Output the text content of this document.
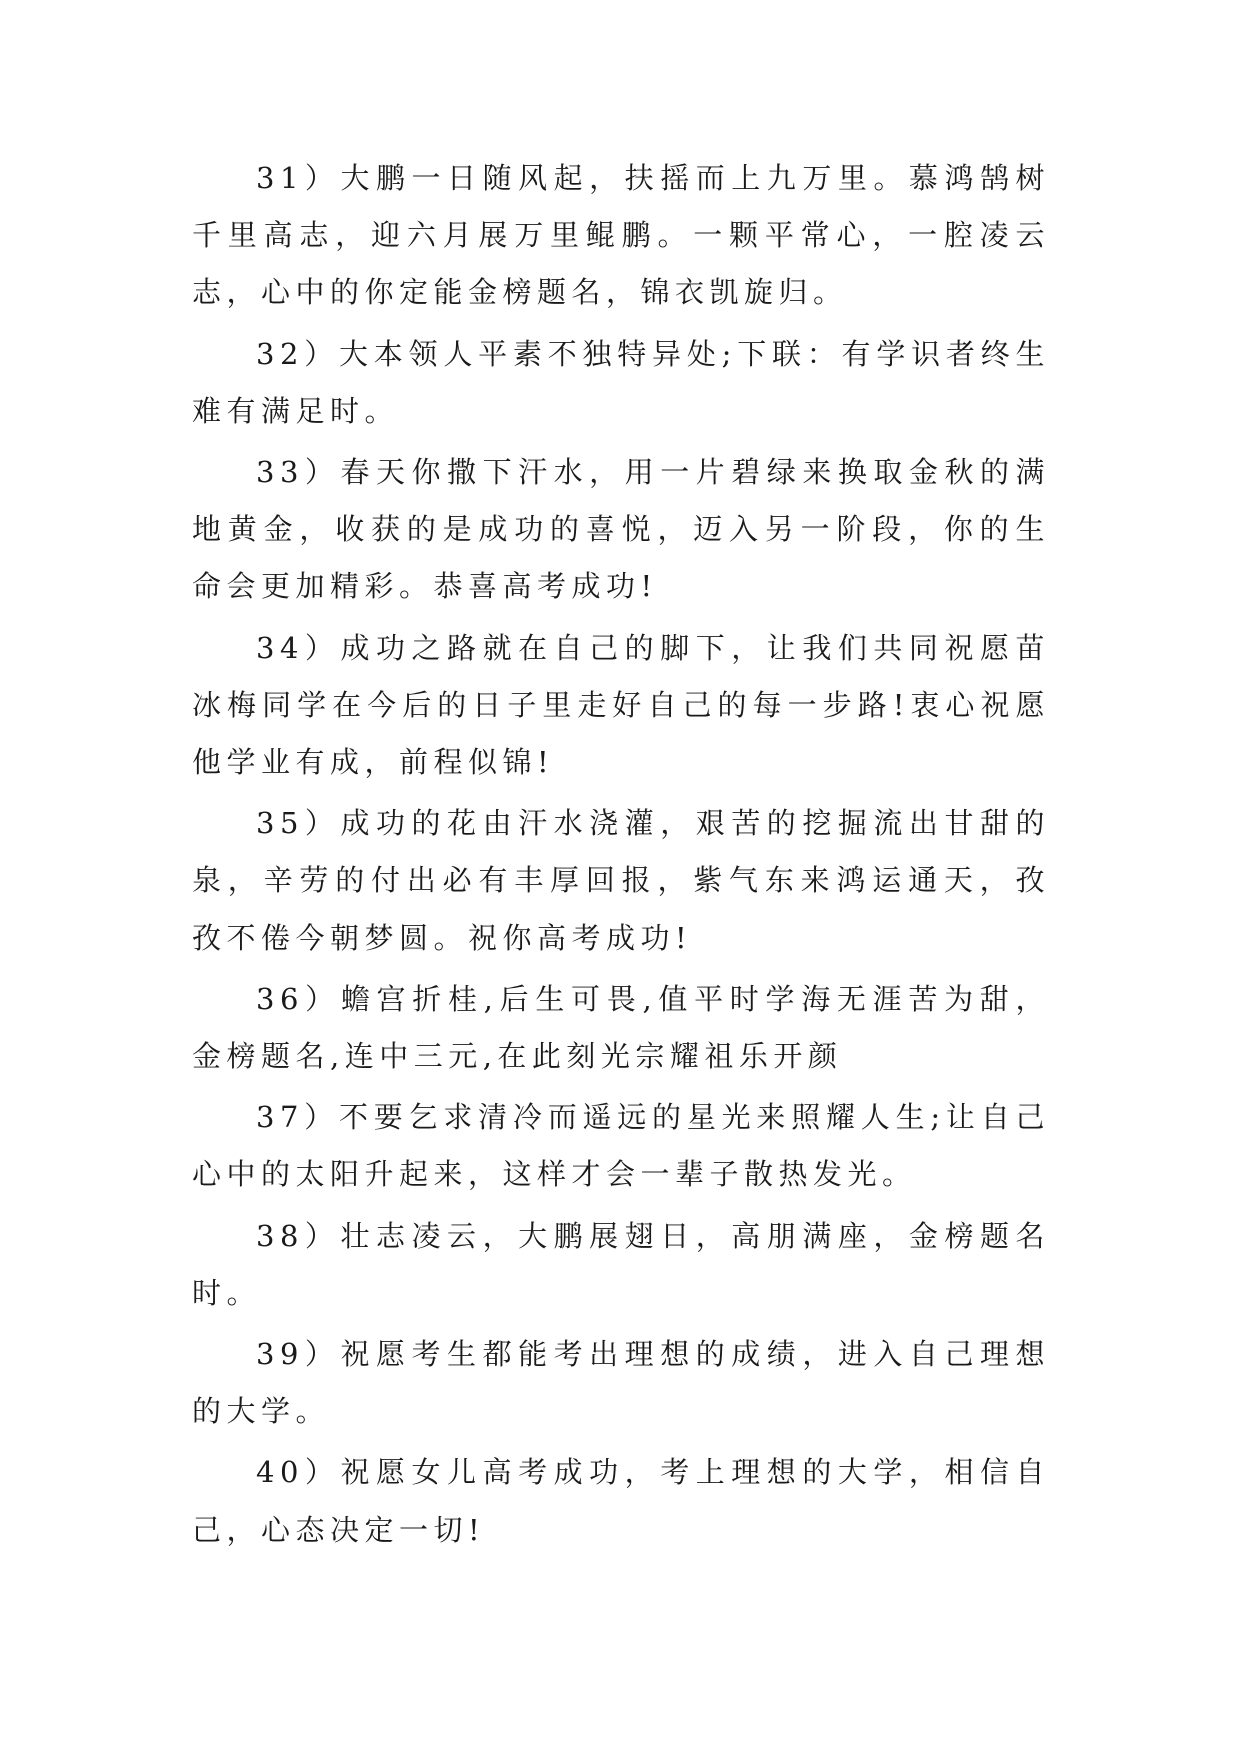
31）大鹏一日随风起，扶摇而上九万里。慕鸿鹄树千里高志，迎六月展万里鲲鹏。一颗平常心，一腔凌云志，心中的你定能金榜题名，锦衣凯旋归。

32）大本领人平素不独特异处;下联：有学识者终生难有满足时。

33）春天你撒下汗水，用一片碧绿来换取金秋的满地黄金，收获的是成功的喜悦，迈入另一阶段，你的生命会更加精彩。恭喜高考成功!

34）成功之路就在自己的脚下，让我们共同祝愿苗冰梅同学在今后的日子里走好自己的每一步路!衷心祝愿他学业有成，前程似锦!

35）成功的花由汗水浇灌，艰苦的挖掘流出甘甜的泉，辛劳的付出必有丰厚回报，紫气东来鸿运通天，孜孜不倦今朝梦圆。祝你高考成功!

36）蟾宫折桂,后生可畏,值平时学海无涯苦为甜，金榜题名,连中三元,在此刻光宗耀祖乐开颜

37）不要乞求清冷而遥远的星光来照耀人生;让自己心中的太阳升起来，这样才会一辈子散热发光。

38）壮志凌云，大鹏展翅日，高朋满座，金榜题名时。

39）祝愿考生都能考出理想的成绩，进入自己理想的大学。

40）祝愿女儿高考成功，考上理想的大学，相信自己，心态决定一切!
